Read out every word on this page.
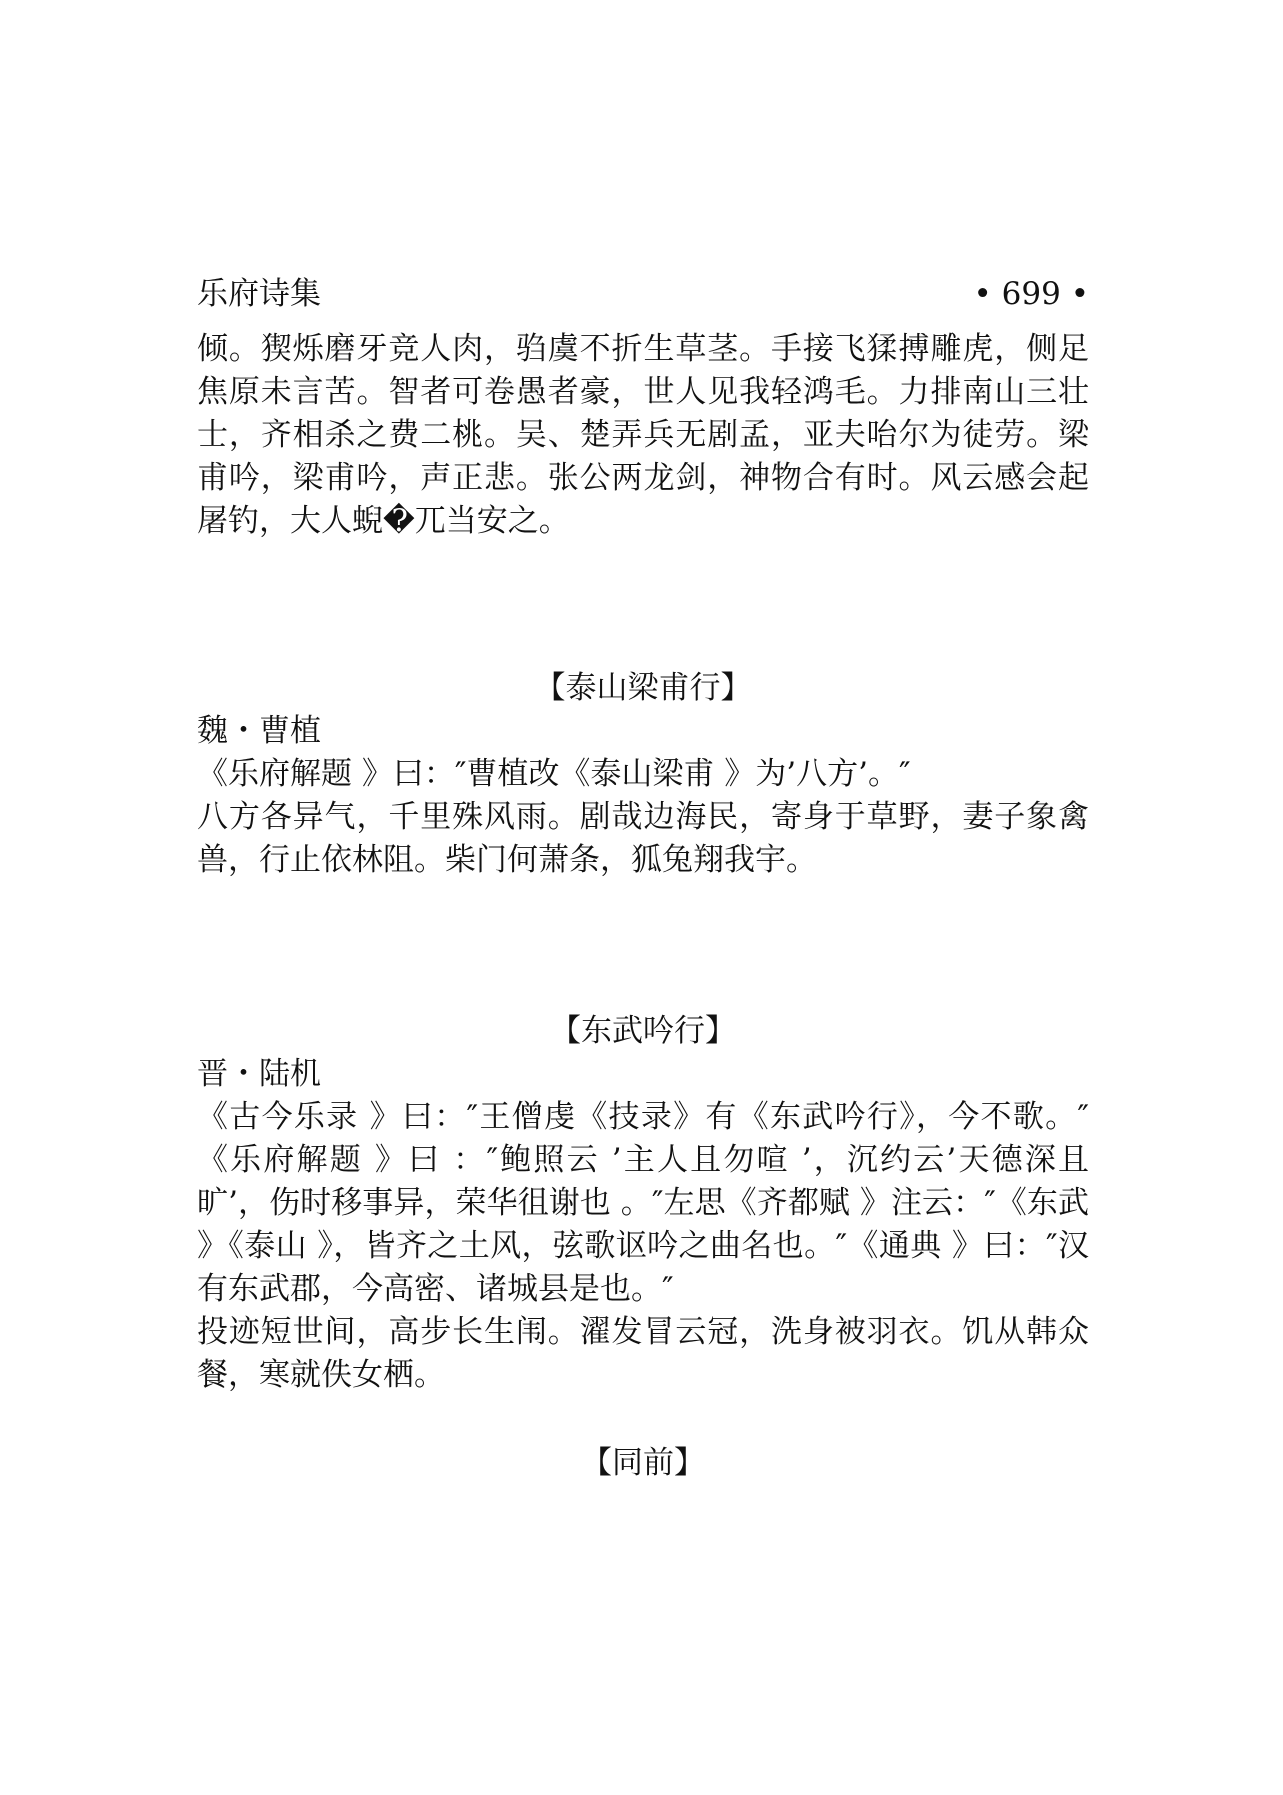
乐府诗集	• 699 •

倾。猰烁磨牙竞人肉，驺虞不折生草茎。手接飞猱搏雕虎，侧足焦原未言苦。智者可卷愚者豪，世人见我轻鸿毛。力排南山三壮士，齐相杀之费二桃。吴、楚弄兵无剧孟，亚夫咍尔为徒劳。梁甫吟，梁甫吟，声正悲。张公两龙剑，神物合有时。风云感会起屠钓，大人蜺�兀当安之。

【泰山梁甫行】

魏・曹植

《乐府解题 》曰：″曹植改《泰山梁甫 》为’八方’。″

八方各异气，千里殊风雨。剧哉边海民，寄身于草野，妻子象禽兽，行止依林阻。柴门何萧条，狐兔翔我宇。

【东武吟行】

晋・陆机

《古今乐录 》曰：″王僧虔《技录》有《东武吟行》，今不歌。″《乐府解题 》曰 ：″鲍照云 ’主人且勿喧 ’，沉约云’天德深且旷’，伤时移事异，荣华徂谢也 。″左思《齐都赋 》注云：″《东武 》《泰山 》，皆齐之土风，弦歌讴吟之曲名也。″《通典 》曰：″汉有东武郡，今高密、诸城县是也。″

投迹短世间，高步长生闱。濯发冒云冠，洗身被羽衣。饥从韩众餐，寒就佚女栖。

【同前】
